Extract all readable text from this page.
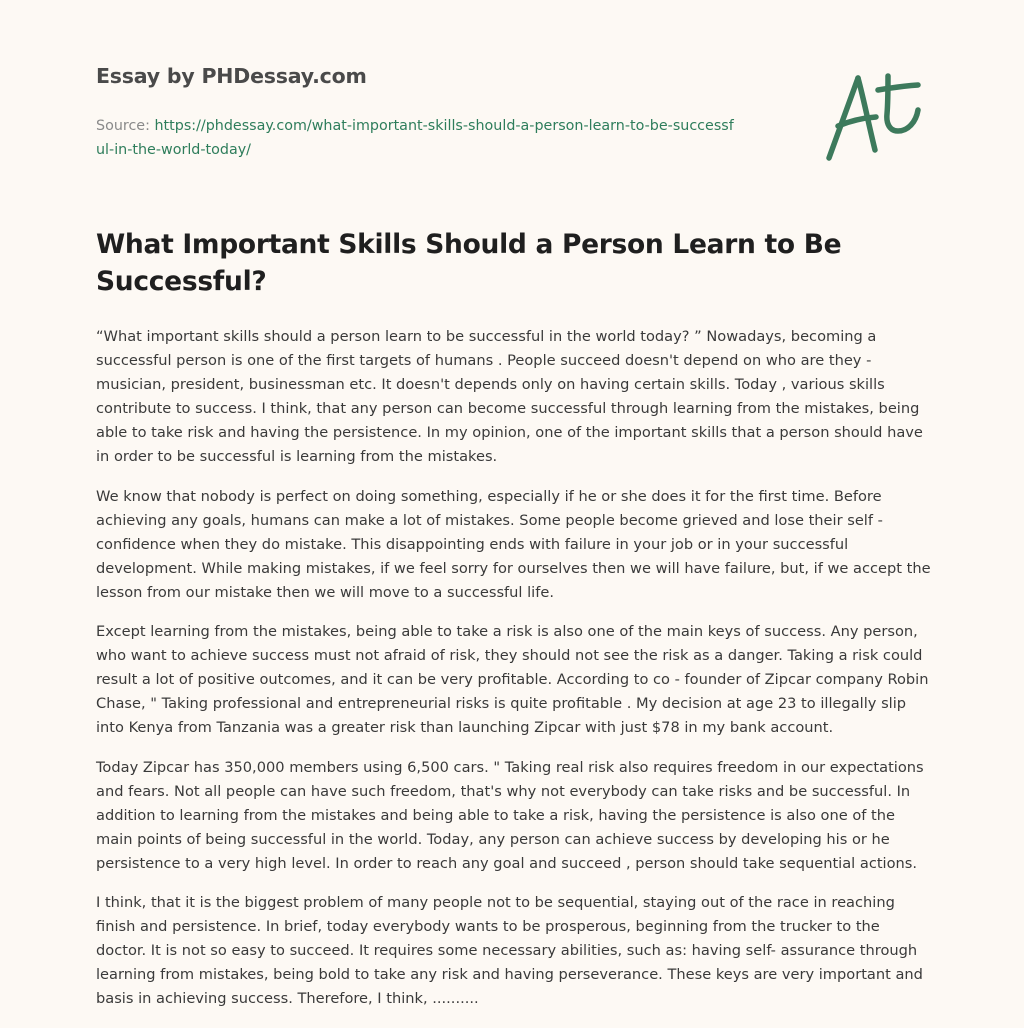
Essay by PHDessay.com
Source: https://phdessay.com/what-important-skills-should-a-person-learn-to-be-successful-in-the-world-today/
What Important Skills Should a Person Learn to Be Successful?

“What important skills should a person learn to be successful in the world today? ” Nowadays, becoming a successful person is one of the first targets of humans . People succeed doesn't depend on who are they - musician, president, businessman etc. It doesn't depends only on having certain skills. Today , various skills contribute to success. I think, that any person can become successful through learning from the mistakes, being able to take risk and having the persistence. In my opinion, one of the important skills that a person should have in order to be successful is learning from the mistakes.

We know that nobody is perfect on doing something, especially if he or she does it for the first time. Before achieving any goals, humans can make a lot of mistakes. Some people become grieved and lose their self - confidence when they do mistake. This disappointing ends with failure in your job or in your successful development. While making mistakes, if we feel sorry for ourselves then we will have failure, but, if we accept the lesson from our mistake then we will move to a successful life.

Except learning from the mistakes, being able to take a risk is also one of the main keys of success. Any person, who want to achieve success must not afraid of risk, they should not see the risk as a danger. Taking a risk could result a lot of positive outcomes, and it can be very profitable. According to co - founder of Zipcar company Robin Chase, " Taking professional and entrepreneurial risks is quite profitable . My decision at age 23 to illegally slip into Kenya from Tanzania was a greater risk than launching Zipcar with just $78 in my bank account.

Today Zipcar has 350,000 members using 6,500 cars. " Taking real risk also requires freedom in our expectations and fears. Not all people can have such freedom, that's why not everybody can take risks and be successful. In addition to learning from the mistakes and being able to take a risk, having the persistence is also one of the main points of being successful in the world. Today, any person can achieve success by developing his or he persistence to a very high level. In order to reach any goal and succeed , person should take sequential actions.

I think, that it is the biggest problem of many people not to be sequential, staying out of the race in reaching finish and persistence. In brief, today everybody wants to be prosperous, beginning from the trucker to the doctor. It is not so easy to succeed. It requires some necessary abilities, such as: having self- assurance through learning from mistakes, being bold to take any risk and having perseverance. These keys are very important and basis in achieving success. Therefore, I think, ..........
